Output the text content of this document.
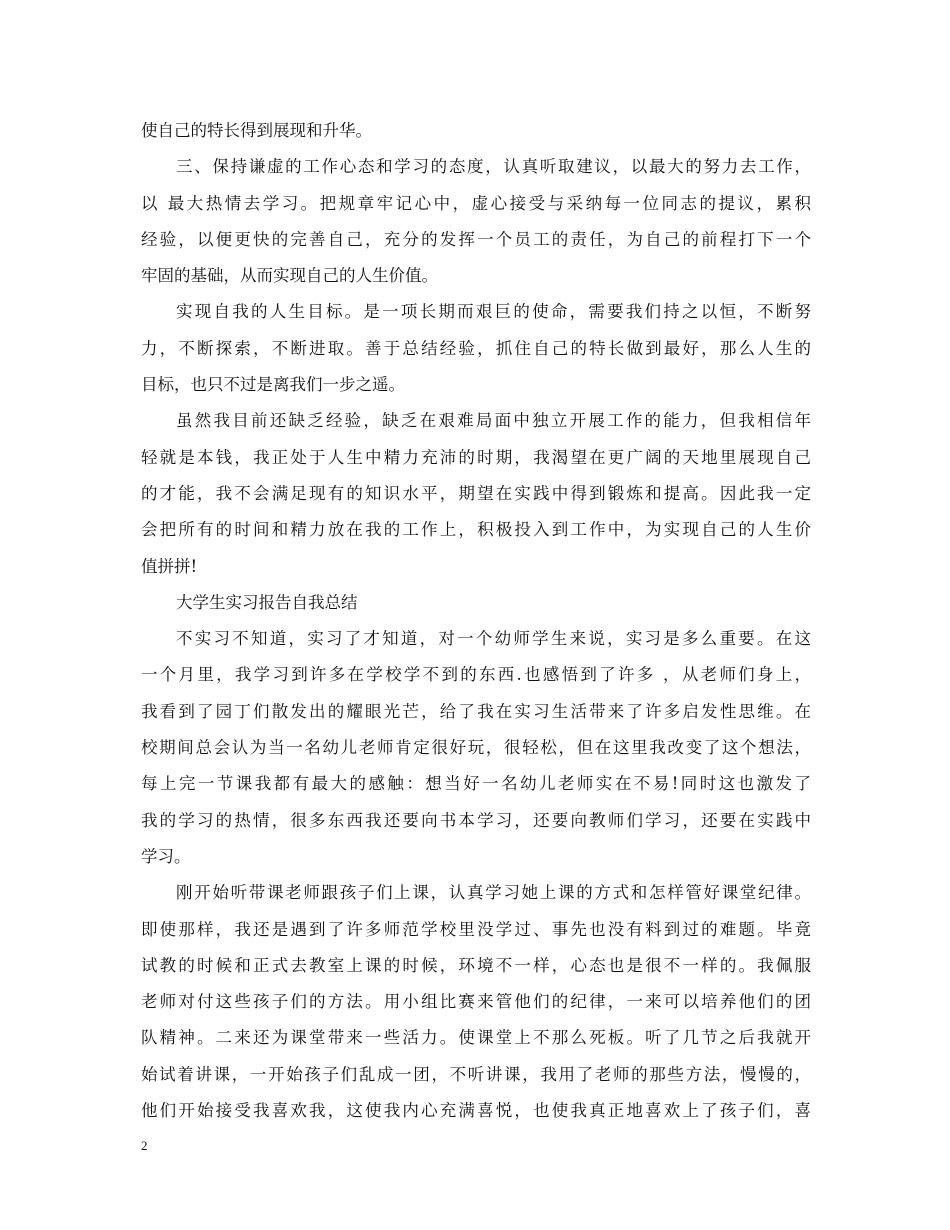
使自己的特长得到展现和升华。
三、保持谦虚的工作心态和学习的态度，认真听取建议，以最大的努力去工作，
以 最大热情去学习。把规章牢记心中，虚心接受与采纳每一位同志的提议，累积
经验，以便更快的完善自己，充分的发挥一个员工的责任，为自己的前程打下一个
牢固的基础，从而实现自己的人生价值。
实现自我的人生目标。是一项长期而艰巨的使命，需要我们持之以恒，不断努
力，不断探索，不断进取。善于总结经验，抓住自己的特长做到最好，那么人生的
目标，也只不过是离我们一步之遥。
虽然我目前还缺乏经验，缺乏在艰难局面中独立开展工作的能力，但我相信年
轻就是本钱，我正处于人生中精力充沛的时期，我渴望在更广阔的天地里展现自己
的才能，我不会满足现有的知识水平，期望在实践中得到锻炼和提高。因此我一定
会把所有的时间和精力放在我的工作上，积极投入到工作中，为实现自己的人生价
值拼拼!
大学生实习报告自我总结
不实习不知道，实习了才知道，对一个幼师学生来说，实习是多么重要。在这
一个月里，我学习到许多在学校学不到的东西.也感悟到了许多 ，从老师们身上，
我看到了园丁们散发出的耀眼光芒，给了我在实习生活带来了许多启发性思维。在
校期间总会认为当一名幼儿老师肯定很好玩，很轻松，但在这里我改变了这个想法，
每上完一节课我都有最大的感触：想当好一名幼儿老师实在不易!同时这也激发了
我的学习的热情，很多东西我还要向书本学习，还要向教师们学习，还要在实践中
学习。
刚开始听带课老师跟孩子们上课，认真学习她上课的方式和怎样管好课堂纪律。
即使那样，我还是遇到了许多师范学校里没学过、事先也没有料到过的难题。毕竟
试教的时候和正式去教室上课的时候，环境不一样，心态也是很不一样的。我佩服
老师对付这些孩子们的方法。用小组比赛来管他们的纪律，一来可以培养他们的团
队精神。二来还为课堂带来一些活力。使课堂上不那么死板。听了几节之后我就开
始试着讲课，一开始孩子们乱成一团，不听讲课，我用了老师的那些方法，慢慢的，
他们开始接受我喜欢我，这使我内心充满喜悦，也使我真正地喜欢上了孩子们，喜
2
